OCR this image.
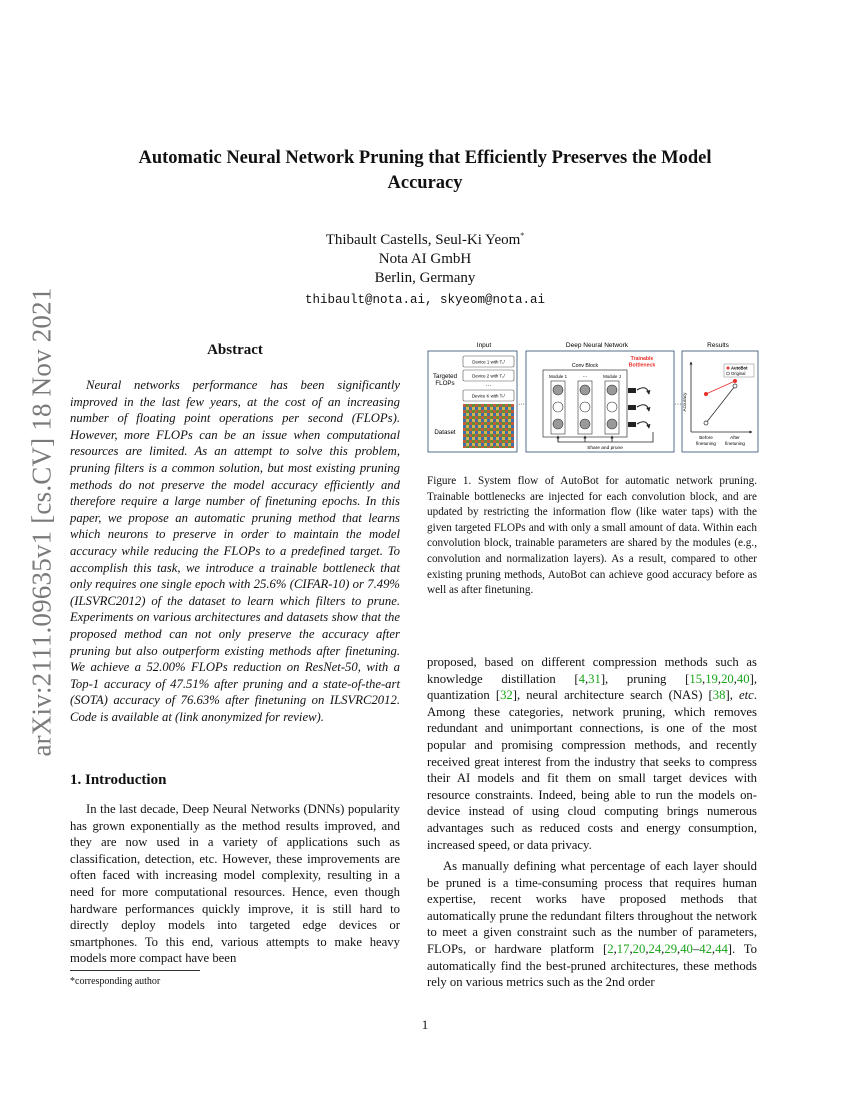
arXiv:2111.09635v1 [cs.CV] 18 Nov 2021
Automatic Neural Network Pruning that Efficiently Preserves the Model
Accuracy
Thibault Castells, Seul-Ki Yeom*
Nota AI GmbH
Berlin, Germany
thibault@nota.ai, skyeom@nota.ai
Abstract

Neural networks performance has been significantly improved in the last few years, at the cost of an increasing number of floating point operations per second (FLOPs). However, more FLOPs can be an issue when computational resources are limited. As an attempt to solve this problem, pruning filters is a common solution, but most existing pruning methods do not preserve the model accuracy efficiently and therefore require a large number of finetuning epochs. In this paper, we propose an automatic pruning method that learns which neurons to preserve in order to maintain the model accuracy while reducing the FLOPs to a predefined target. To accomplish this task, we introduce a trainable bottleneck that only requires one single epoch with 25.6% (CIFAR-10) or 7.49% (ILSVRC2012) of the dataset to learn which filters to prune. Experiments on various architectures and datasets show that the proposed method can not only preserve the accuracy after pruning but also outperform existing methods after finetuning. We achieve a 52.00% FLOPs reduction on ResNet-50, with a Top-1 accuracy of 47.51% after pruning and a state-of-the-art (SOTA) accuracy of 76.63% after finetuning on ILSVRC2012. Code is available at (link anonymized for review).

1. Introduction

In the last decade, Deep Neural Networks (DNNs) popularity has grown exponentially as the method results improved, and they are now used in a variety of applications such as classification, detection, etc. However, these improvements are often faced with increasing model complexity, resulting in a need for more computational resources. Hence, even though hardware performances quickly improve, it is still hard to directly deploy models into targeted edge devices or smartphones. To this end, various attempts to make heavy models more compact have been

*corresponding author
Input	Deep Neural Network	Results
Targeted
FLOPs
Device 1 with T₁ᶠ
Device 2 with T₂ᶠ
···
Device K with Tₖᶠ
Dataset
···	···
Conv Block
Trainable
Bottleneck
Module 1	···	Module J
Share and prune
Accuracy
AutoBot
Original
Before
finetuning
After
finetuning

Figure 1. System flow of AutoBot for automatic network pruning. Trainable bottlenecks are injected for each convolution block, and are updated by restricting the information flow (like water taps) with the given targeted FLOPs and with only a small amount of data. Within each convolution block, trainable parameters are shared by the modules (e.g., convolution and normalization layers). As a result, compared to other existing pruning methods, AutoBot can achieve good accuracy before as well as after finetuning.

proposed, based on different compression methods such as knowledge distillation [4,31], pruning [15,19,20,40], quantization [32], neural architecture search (NAS) [38], etc. Among these categories, network pruning, which removes redundant and unimportant connections, is one of the most popular and promising compression methods, and recently received great interest from the industry that seeks to compress their AI models and fit them on small target devices with resource constraints. Indeed, being able to run the models on-device instead of using cloud computing brings numerous advantages such as reduced costs and energy consumption, increased speed, or data privacy.

As manually defining what percentage of each layer should be pruned is a time-consuming process that requires human expertise, recent works have proposed methods that automatically prune the redundant filters throughout the network to meet a given constraint such as the number of parameters, FLOPs, or hardware platform [2,17,20,24,29,40–42,44]. To automatically find the best-pruned architectures, these methods rely on various metrics such as the 2nd order

1
